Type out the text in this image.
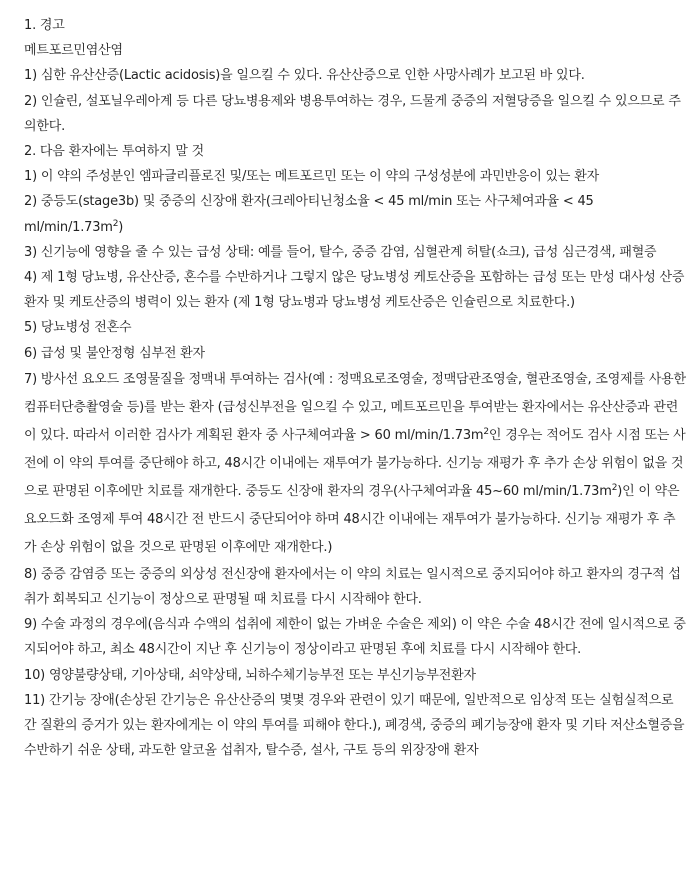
1. 경고

메트포르민염산염

1) 심한 유산산증(Lactic acidosis)을 일으킬 수 있다. 유산산증으로 인한 사망사례가 보고된 바 있다.

2) 인슐린, 설포닐우레아계 등 다른 당뇨병용제와 병용투여하는 경우, 드물게 중증의 저혈당증을 일으킬 수 있으므로 주의한다.

2. 다음 환자에는 투여하지 말 것

1) 이 약의 주성분인 엠파글리플로진 및/또는 메트포르민 또는 이 약의 구성성분에 과민반응이 있는 환자

2) 중등도(stage3b) 및 중증의 신장애 환자(크레아티닌청소율 < 45 ml/min 또는 사구체여과율 < 45 $ml/\min/1.73m^2$)

3) 신기능에 영향을 줄 수 있는 급성 상태: 예를 들어, 탈수, 중증 감염, 심혈관계 허탈(쇼크), 급성 심근경색, 패혈증

4) 제 1형 당뇨병, 유산산증, 혼수를 수반하거나 그렇지 않은 당뇨병성 케토산증을 포함하는 급성 또는 만성 대사성 산증 환자 및 케토산증의 병력이 있는 환자 (제 1형 당뇨병과 당뇨병성 케토산증은 인슐린으로 치료한다.)

5) 당뇨병성 전혼수

6) 급성 및 불안정형 심부전 환자

7) 방사선 요오드 조영물질을 정맥내 투여하는 검사(예 : 정맥요로조영술, 정맥담관조영술, 혈관조영술, 조영제를 사용한 컴퓨터단층촬영술 등)를 받는 환자 (급성신부전을 일으킬 수 있고, 메트포르민을 투여받는 환자에서는 유산산증과 관련이 있다. 따라서 이러한 검사가 계획된 환자 중 사구체여과율 > 60 $ml/\min/1.73m^2$인 경우는 적어도 검사 시점 또는 사전에 이 약의 투여를 중단해야 하고, 48시간 이내에는 재투여가 불가능하다. 신기능 재평가 후 추가 손상 위험이 없을 것으로 판명된 이후에만 치료를 재개한다. 중등도 신장애 환자의 경우(사구체여과율 45~60 $ml/\min/1.73m^2$)인 이 약은 요오드화 조영제 투여 48시간 전 반드시 중단되어야 하며 48시간 이내에는 재투여가 불가능하다. 신기능 재평가 후 추가 손상 위험이 없을 것으로 판명된 이후에만 재개한다.)

8) 중증 감염증 또는 중증의 외상성 전신장애 환자에서는 이 약의 치료는 일시적으로 중지되어야 하고 환자의 경구적 섭취가 회복되고 신기능이 정상으로 판명될 때 치료를 다시 시작해야 한다.

9) 수술 과정의 경우에(음식과 수액의 섭취에 제한이 없는 가벼운 수술은 제외) 이 약은 수술 48시간 전에 일시적으로 중지되어야 하고, 최소 48시간이 지난 후 신기능이 정상이라고 판명된 후에 치료를 다시 시작해야 한다.

10) 영양불량상태, 기아상태, 쇠약상태, 뇌하수체기능부전 또는 부신기능부전환자

11) 간기능 장애(손상된 간기능은 유산산증의 몇몇 경우와 관련이 있기 때문에, 일반적으로 임상적 또는 실험실적으로 간 질환의 증거가 있는 환자에게는 이 약의 투여를 피해야 한다.), 폐경색, 중증의 폐기능장애 환자 및 기타 저산소혈증을 수반하기 쉬운 상태, 과도한 알코올 섭취자, 탈수증, 설사, 구토 등의 위장장애 환자
